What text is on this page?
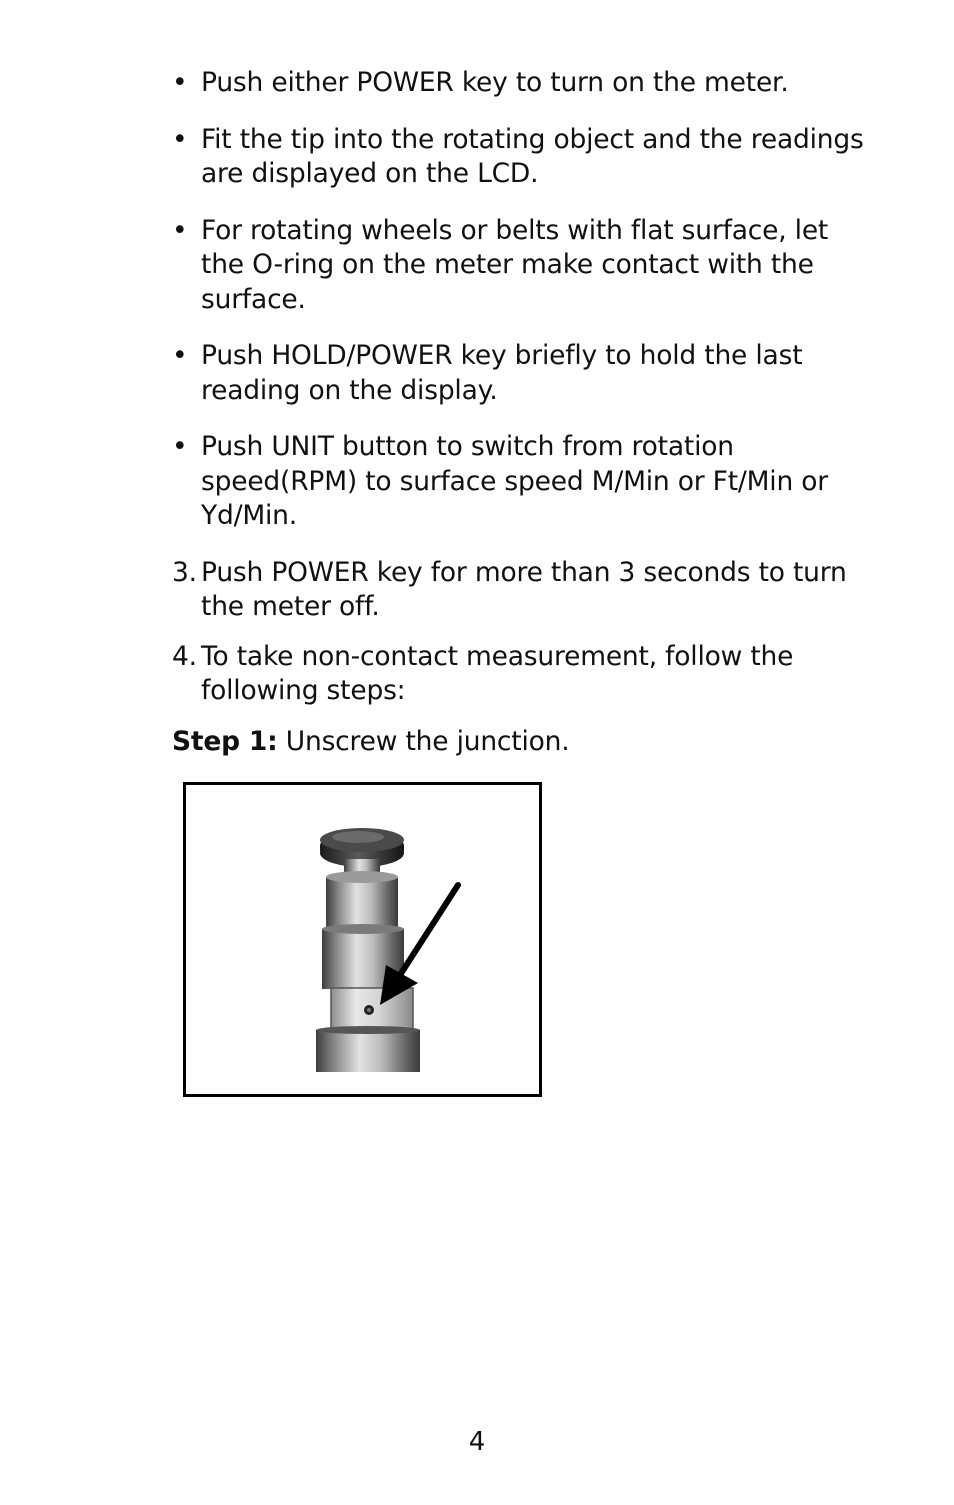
• Push either POWER key to turn on the meter.
• Fit the tip into the rotating object and the readings are displayed on the LCD.
• For rotating wheels or belts with flat surface, let the O-ring on the meter make contact with the surface.
• Push HOLD/POWER key briefly to hold the last reading on the display.
• Push UNIT button to switch from rotation speed(RPM) to surface speed M/Min or Ft/Min or Yd/Min.
3. Push POWER key for more than 3 seconds to turn the meter off.
4. To take non-contact measurement, follow the following steps:
Step 1: Unscrew the junction.
4
